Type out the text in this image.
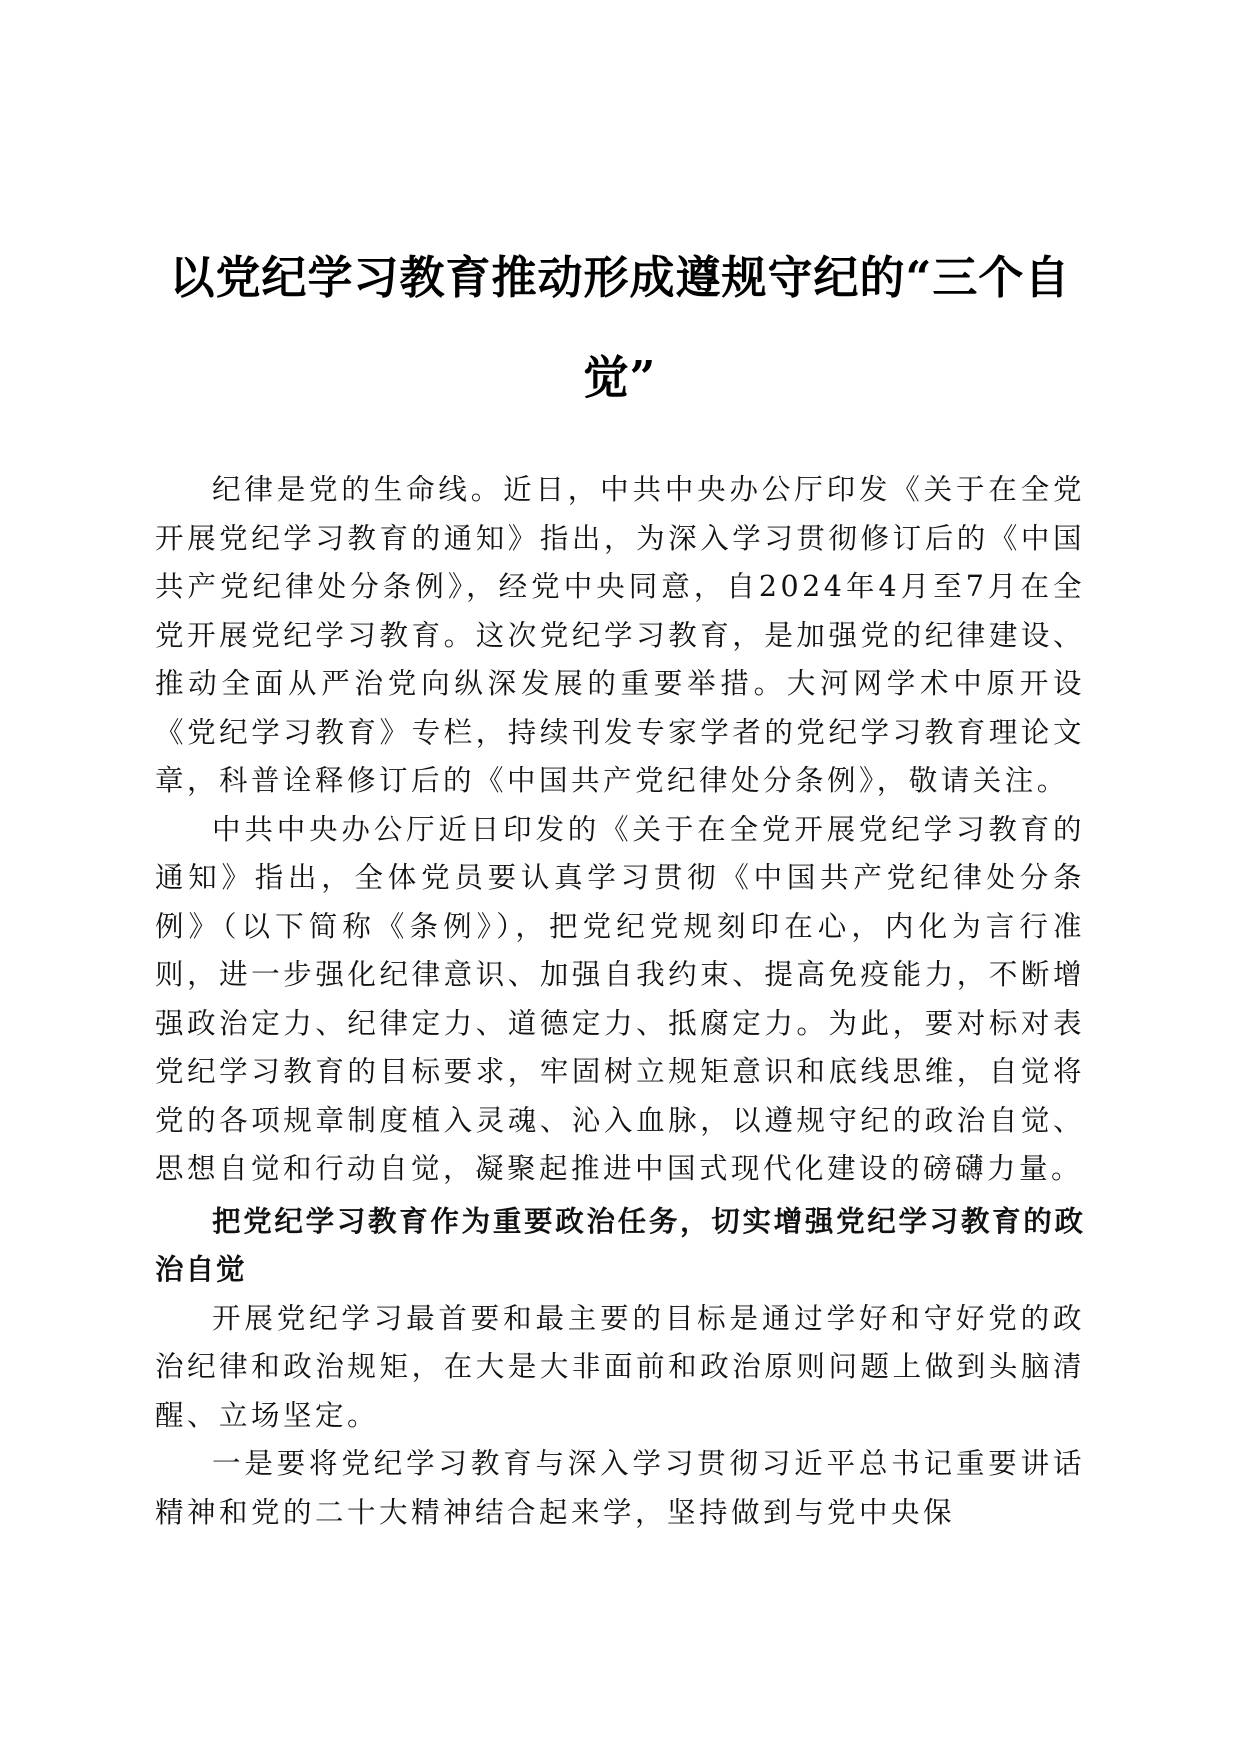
以党纪学习教育推动形成遵规守纪的“三个自觉”

纪律是党的生命线。近日，中共中央办公厅印发《关于在全党开展党纪学习教育的通知》指出，为深入学习贯彻修订后的《中国共产党纪律处分条例》，经党中央同意，自2024年4月至7月在全党开展党纪学习教育。这次党纪学习教育，是加强党的纪律建设、推动全面从严治党向纵深发展的重要举措。大河网学术中原开设《党纪学习教育》专栏，持续刊发专家学者的党纪学习教育理论文章，科普诠释修订后的《中国共产党纪律处分条例》，敬请关注。

中共中央办公厅近日印发的《关于在全党开展党纪学习教育的通知》指出，全体党员要认真学习贯彻《中国共产党纪律处分条例》（以下简称《条例》），把党纪党规刻印在心，内化为言行准则，进一步强化纪律意识、加强自我约束、提高免疫能力，不断增强政治定力、纪律定力、道德定力、抵腐定力。为此，要对标对表党纪学习教育的目标要求，牢固树立规矩意识和底线思维，自觉将党的各项规章制度植入灵魂、沁入血脉，以遵规守纪的政治自觉、思想自觉和行动自觉，凝聚起推进中国式现代化建设的磅礴力量。

把党纪学习教育作为重要政治任务，切实增强党纪学习教育的政治自觉

开展党纪学习最首要和最主要的目标是通过学好和守好党的政治纪律和政治规矩，在大是大非面前和政治原则问题上做到头脑清醒、立场坚定。

一是要将党纪学习教育与深入学习贯彻习近平总书记重要讲话精神和党的二十大精神结合起来学，坚持做到与党中央保
